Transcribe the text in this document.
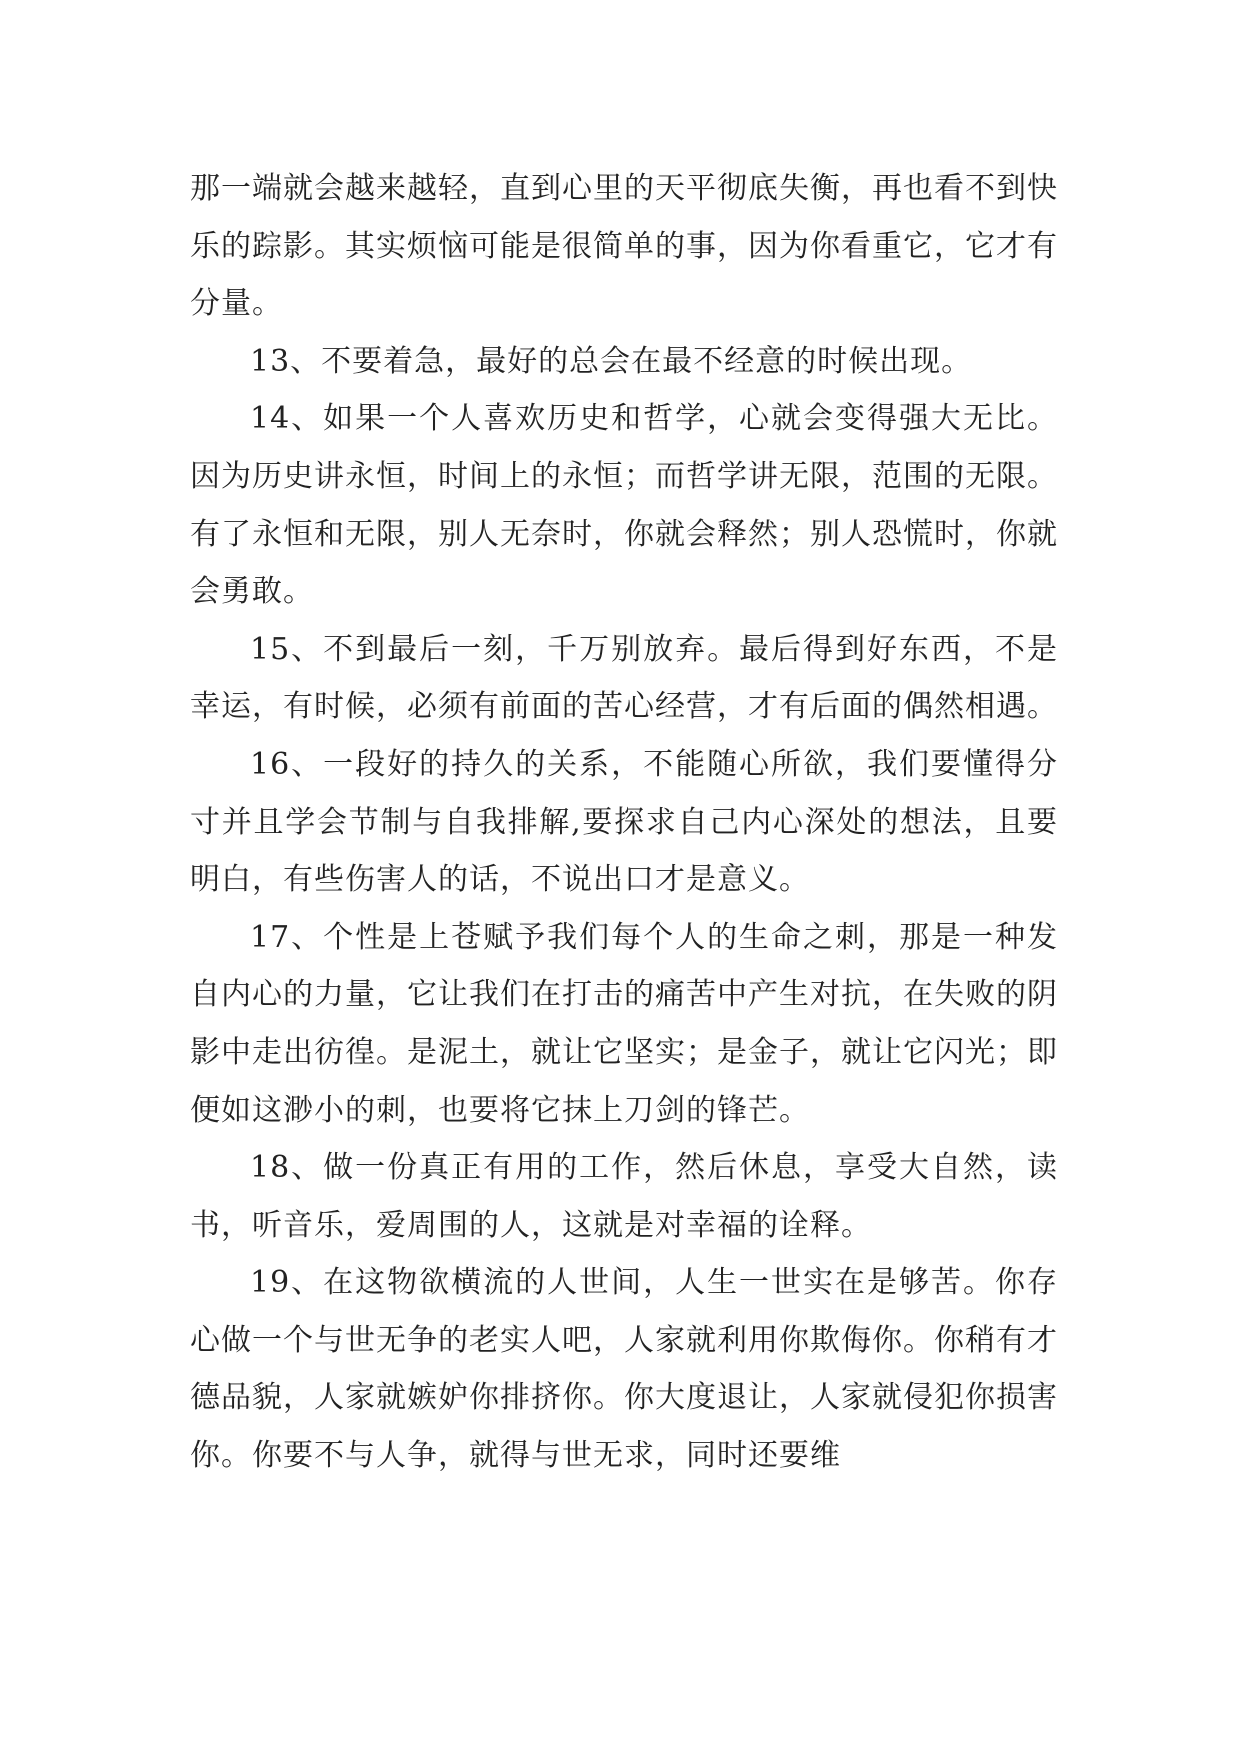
那一端就会越来越轻，直到心里的天平彻底失衡，再也看不到快乐的踪影。其实烦恼可能是很简单的事，因为你看重它，它才有分量。

13、不要着急，最好的总会在最不经意的时候出现。

14、如果一个人喜欢历史和哲学，心就会变得强大无比。因为历史讲永恒，时间上的永恒；而哲学讲无限，范围的无限。有了永恒和无限，别人无奈时，你就会释然；别人恐慌时，你就会勇敢。

15、不到最后一刻，千万别放弃。最后得到好东西，不是幸运，有时候，必须有前面的苦心经营，才有后面的偶然相遇。

16、一段好的持久的关系，不能随心所欲，我们要懂得分寸并且学会节制与自我排解,要探求自己内心深处的想法，且要明白，有些伤害人的话，不说出口才是意义。

17、个性是上苍赋予我们每个人的生命之刺，那是一种发自内心的力量，它让我们在打击的痛苦中产生对抗，在失败的阴影中走出彷徨。是泥土，就让它坚实；是金子，就让它闪光；即便如这渺小的刺，也要将它抹上刀剑的锋芒。

18、做一份真正有用的工作，然后休息，享受大自然，读书，听音乐，爱周围的人，这就是对幸福的诠释。

19、在这物欲横流的人世间，人生一世实在是够苦。你存心做一个与世无争的老实人吧，人家就利用你欺侮你。你稍有才德品貌，人家就嫉妒你排挤你。你大度退让，人家就侵犯你损害你。你要不与人争，就得与世无求，同时还要维
